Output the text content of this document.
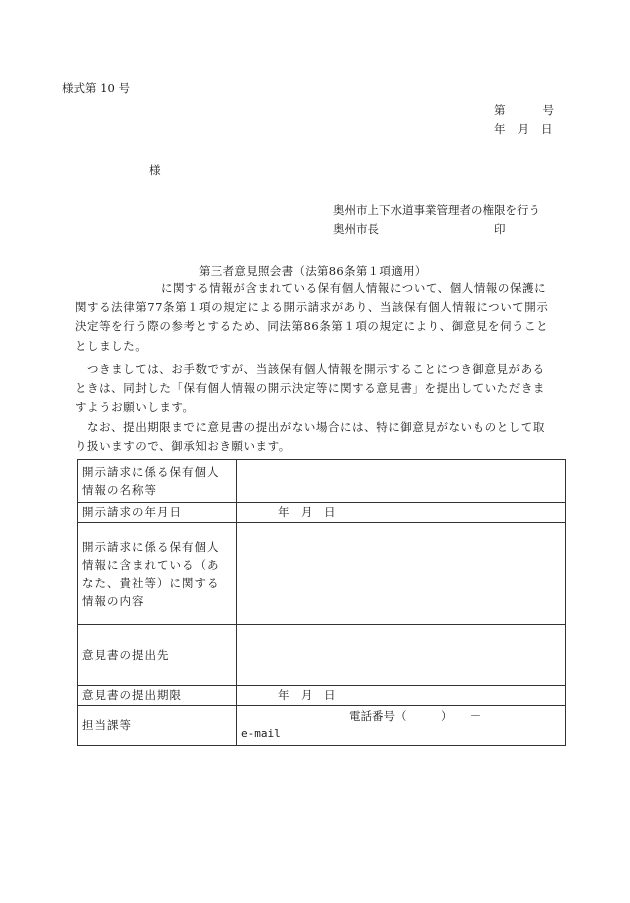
様式第 10 号
第	号
年 月 日
様
奥州市上下水道事業管理者の権限を行う
奥州市長	印
第三者意見照会書（法第86条第１項適用）
に関する情報が含まれている保有個人情報について、個人情報の保護に
関する法律第77条第１項の規定による開示請求があり、当該保有個人情報について開示
決定等を行う際の参考とするため、同法第86条第１項の規定により、御意見を伺うこと
としました。
つきましては、お手数ですが、当該保有個人情報を開示することにつき御意見がある
ときは、同封した「保有個人情報の開示決定等に関する意見書」を提出していただきま
すようお願いします。
なお、提出期限までに意見書の提出がない場合には、特に御意見がないものとして取
り扱いますので、御承知おき願います。
開示請求に係る保有個人
情報の名称等	

開示請求の年月日	年　月　日

開示請求に係る保有個人
情報に含まれている（あ
なた、貴社等）に関する
情報の内容	

意見書の提出先	
意見書の提出期限	年　月　日
担当課等	電話番号（　　　）　　－
e-mail
